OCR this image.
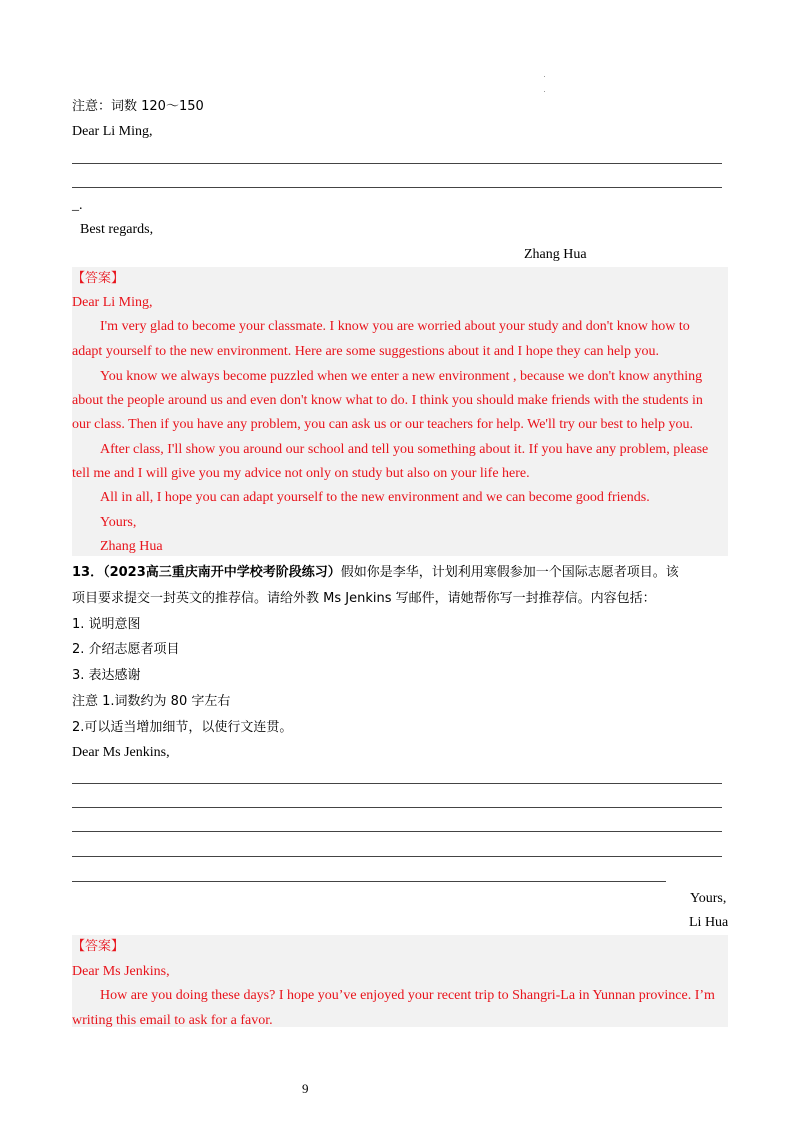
注意：词数 120～150
Dear Li Ming,
_.
Best regards,
Zhang Hua
【答案】
Dear Li Ming,
I'm very glad to become your classmate. I know you are worried about your study and don't know how to
adapt yourself to the new environment. Here are some suggestions about it and I hope they can help you.
You know we always become puzzled when we enter a new environment , because we don't know anything
about the people around us and even don't know what to do. I think you should make friends with the students in
our class. Then if you have any problem, you can ask us or our teachers for help. We'll try our best to help you.
After class, I'll show you around our school and tell you something about it. If you have any problem, please
tell me and I will give you my advice not only on study but also on your life here.
All in all, I hope you can adapt yourself to the new environment and we can become good friends.
Yours,
Zhang Hua
13．（2023高三重庆南开中学校考阶段练习）假如你是李华，计划利用寒假参加一个国际志愿者项目。该
项目要求提交一封英文的推荐信。请给外教 Ms Jenkins 写邮件，请她帮你写一封推荐信。内容包括：
1. 说明意图
2. 介绍志愿者项目
3. 表达感谢
注意 1.词数约为 80 字左右
2.可以适当增加细节，以使行文连贯。
Dear Ms Jenkins,
Yours,
Li Hua
【答案】
Dear Ms Jenkins,
How are you doing these days? I hope you’ve enjoyed your recent trip to Shangri-La in Yunnan province. I’m
writing this email to ask for a favor.
9
